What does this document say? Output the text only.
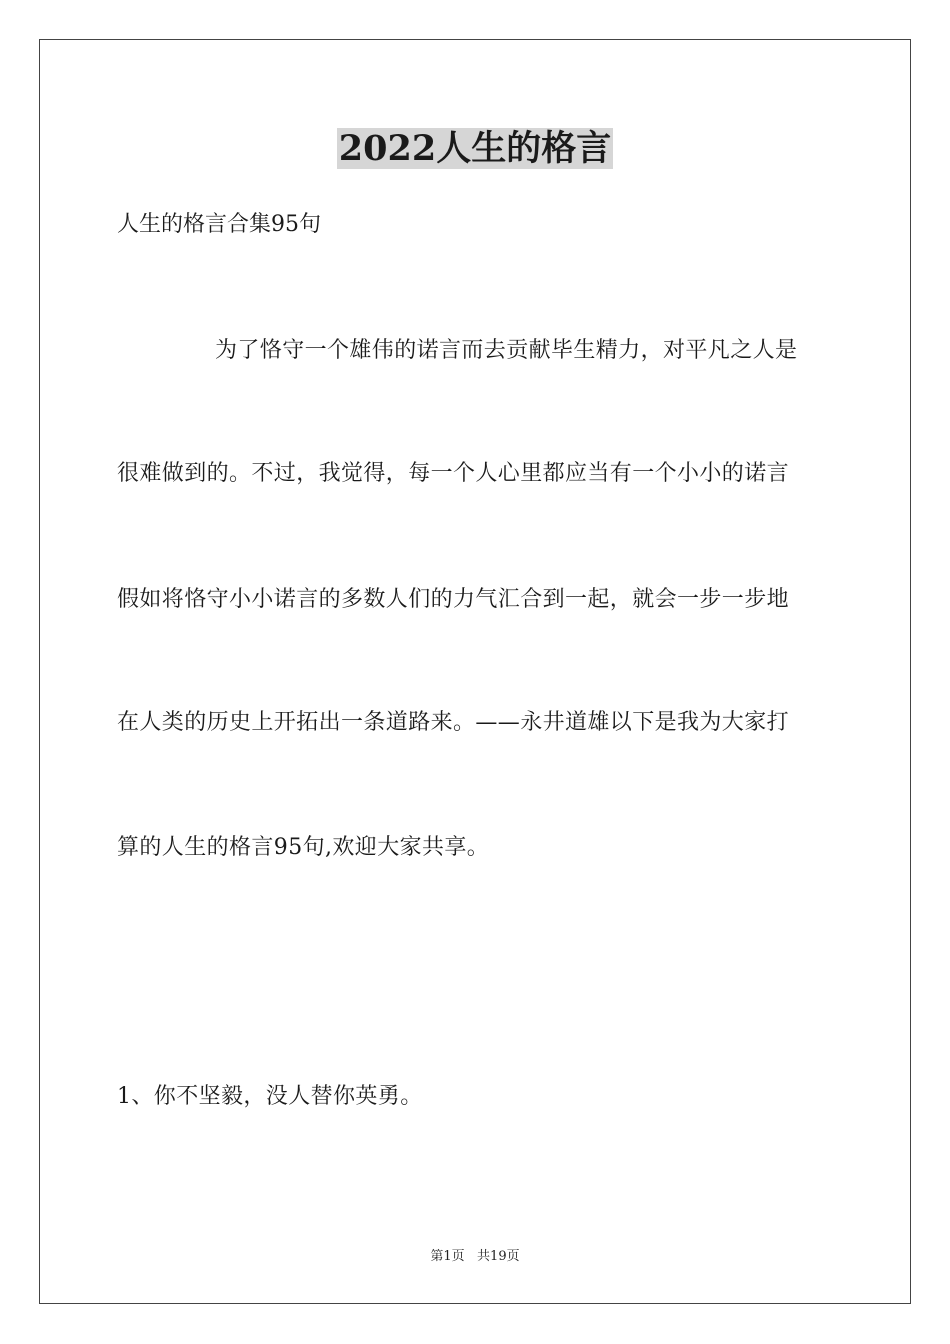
2022人生的格言

人生的格言合集95句

为了恪守一个雄伟的诺言而去贡献毕生精力，对平凡之人是

很难做到的。不过，我觉得，每一个人心里都应当有一个小小的诺言

假如将恪守小小诺言的多数人们的力气汇合到一起，就会一步一步地

在人类的历史上开拓出一条道路来。——永井道雄以下是我为大家打

算的人生的格言95句,欢迎大家共享。

1、你不坚毅，没人替你英勇。

第1页   共19页
